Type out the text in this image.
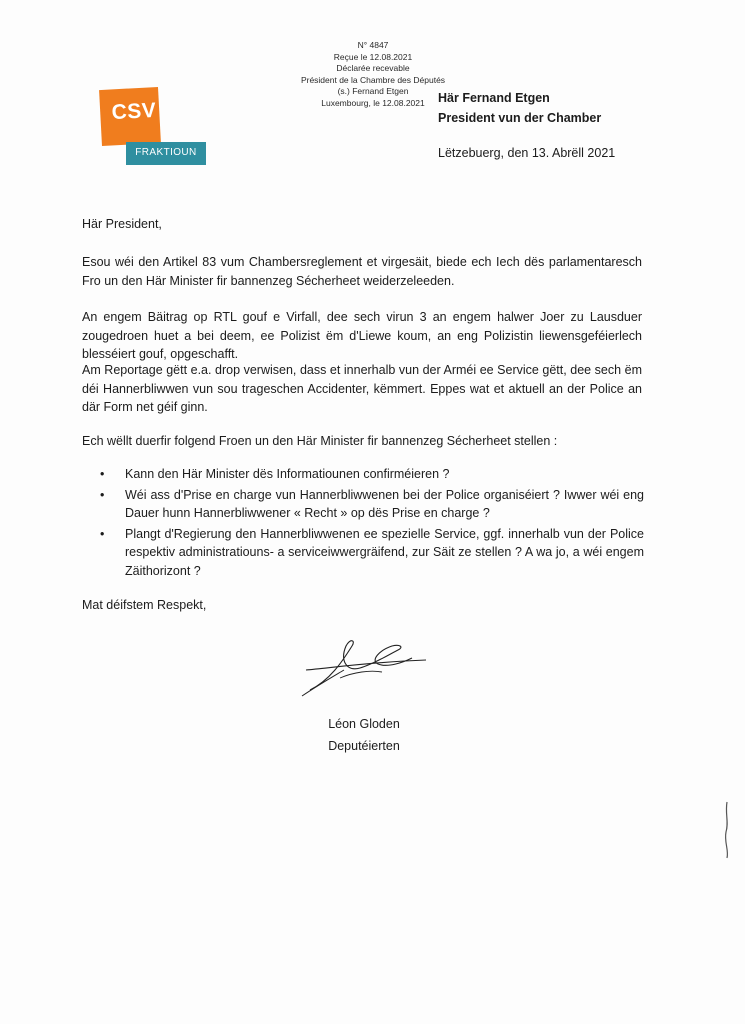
N° 4847
Reçue le 12.08.2021
Déclarée recevable
Président de la Chambre des Députés
(s.) Fernand Etgen
Luxembourg, le 12.08.2021
CSV
FRAKTIOUN
Här Fernand Etgen
President vun der Chamber
Lëtzebuerg, den 13. Abrëll 2021
Här President,
Esou wéi den Artikel 83 vum Chambersreglement et virgesäit, biede ech Iech dës parlamentaresch Fro un den Här Minister fir bannenzeg Sécherheet weiderzeleeden.
An engem Bäitrag op RTL gouf e Virfall, dee sech virun 3 an engem halwer Joer zu Lausduer zougedroen huet a bei deem, ee Polizist ëm d'Liewe koum, an eng Polizistin liewensgeféierlech blesséiert gouf, opgeschafft.
Am Reportage gëtt e.a. drop verwisen, dass et innerhalb vun der Arméi ee Service gëtt, dee sech ëm déi Hannerbliwwen vun sou trageschen Accidenter, këmmert. Eppes wat et aktuell an der Police an där Form net géif ginn.
Ech wëllt duerfir folgend Froen un den Här Minister fir bannenzeg Sécherheet stellen :
• Kann den Här Minister dës Informatiounen confirméieren ?
• Wéi ass d'Prise en charge vun Hannerbliwwenen bei der Police organiséiert ? Iwwer wéi eng Dauer hunn Hannerbliwwener « Recht » op dës Prise en charge ?
• Plangt d'Regierung den Hannerbliwwenen ee spezielle Service, ggf. innerhalb vun der Police respektiv administratiouns- a serviceiwwergräifend, zur Säit ze stellen ? A wa jo, a wéi engem Zäithorizont ?
Mat déifstem Respekt,
Léon Gloden
Deputéierten
